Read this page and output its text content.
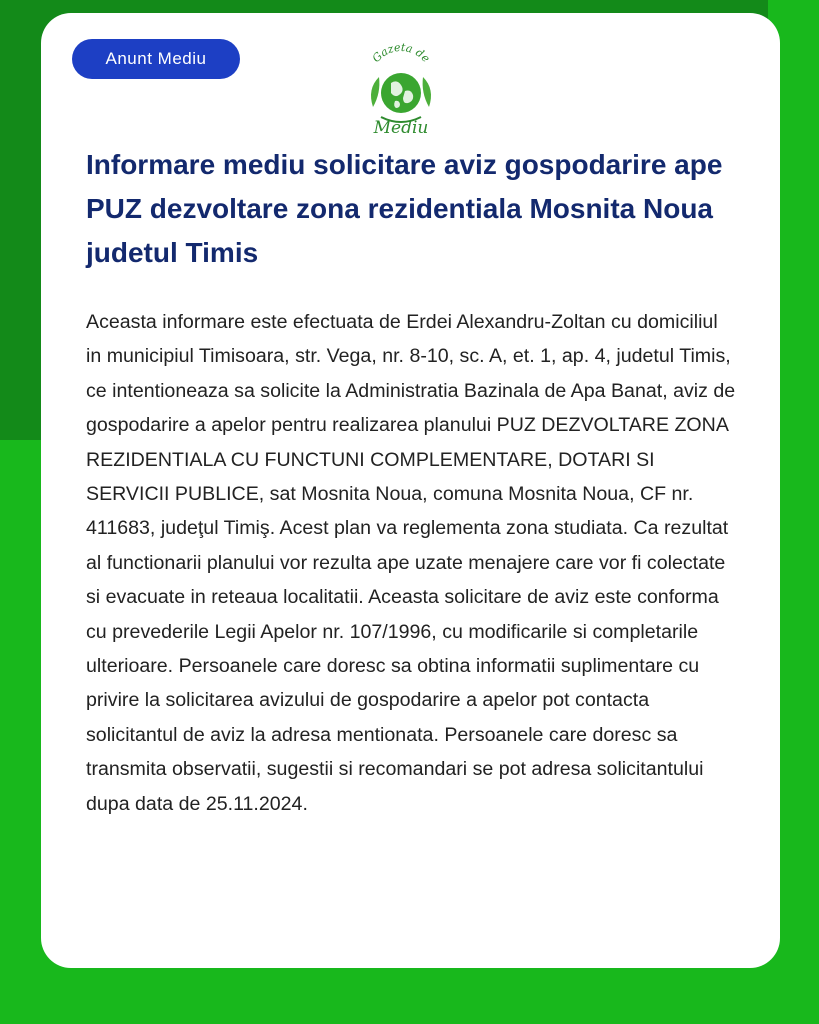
Anunt Mediu	Gazeta de
Mediu
Informare mediu solicitare aviz gospodarire ape PUZ dezvoltare zona rezidentiala Mosnita Noua judetul Timis

Aceasta informare este efectuata de Erdei Alexandru-Zoltan cu domiciliul in municipiul Timisoara, str. Vega, nr. 8-10, sc. A, et. 1, ap. 4, judetul Timis, ce intentioneaza sa solicite la Administratia Bazinala de Apa Banat, aviz de gospodarire a apelor pentru realizarea planului PUZ DEZVOLTARE ZONA REZIDENTIALA CU FUNCTUNI COMPLEMENTARE, DOTARI SI SERVICII PUBLICE, sat Mosnita Noua, comuna Mosnita Noua, CF nr. 411683, judeţul Timiş. Acest plan va reglementa zona studiata. Ca rezultat al functionarii planului vor rezulta ape uzate menajere care vor fi colectate si evacuate in reteaua localitatii. Aceasta solicitare de aviz este conforma cu prevederile Legii Apelor nr. 107/1996, cu modificarile si completarile ulterioare. Persoanele care doresc sa obtina informatii suplimentare cu privire la solicitarea avizului de gospodarire a apelor pot contacta solicitantul de aviz la adresa mentionata. Persoanele care doresc sa transmita observatii, sugestii si recomandari se pot adresa solicitantului dupa data de 25.11.2024.
